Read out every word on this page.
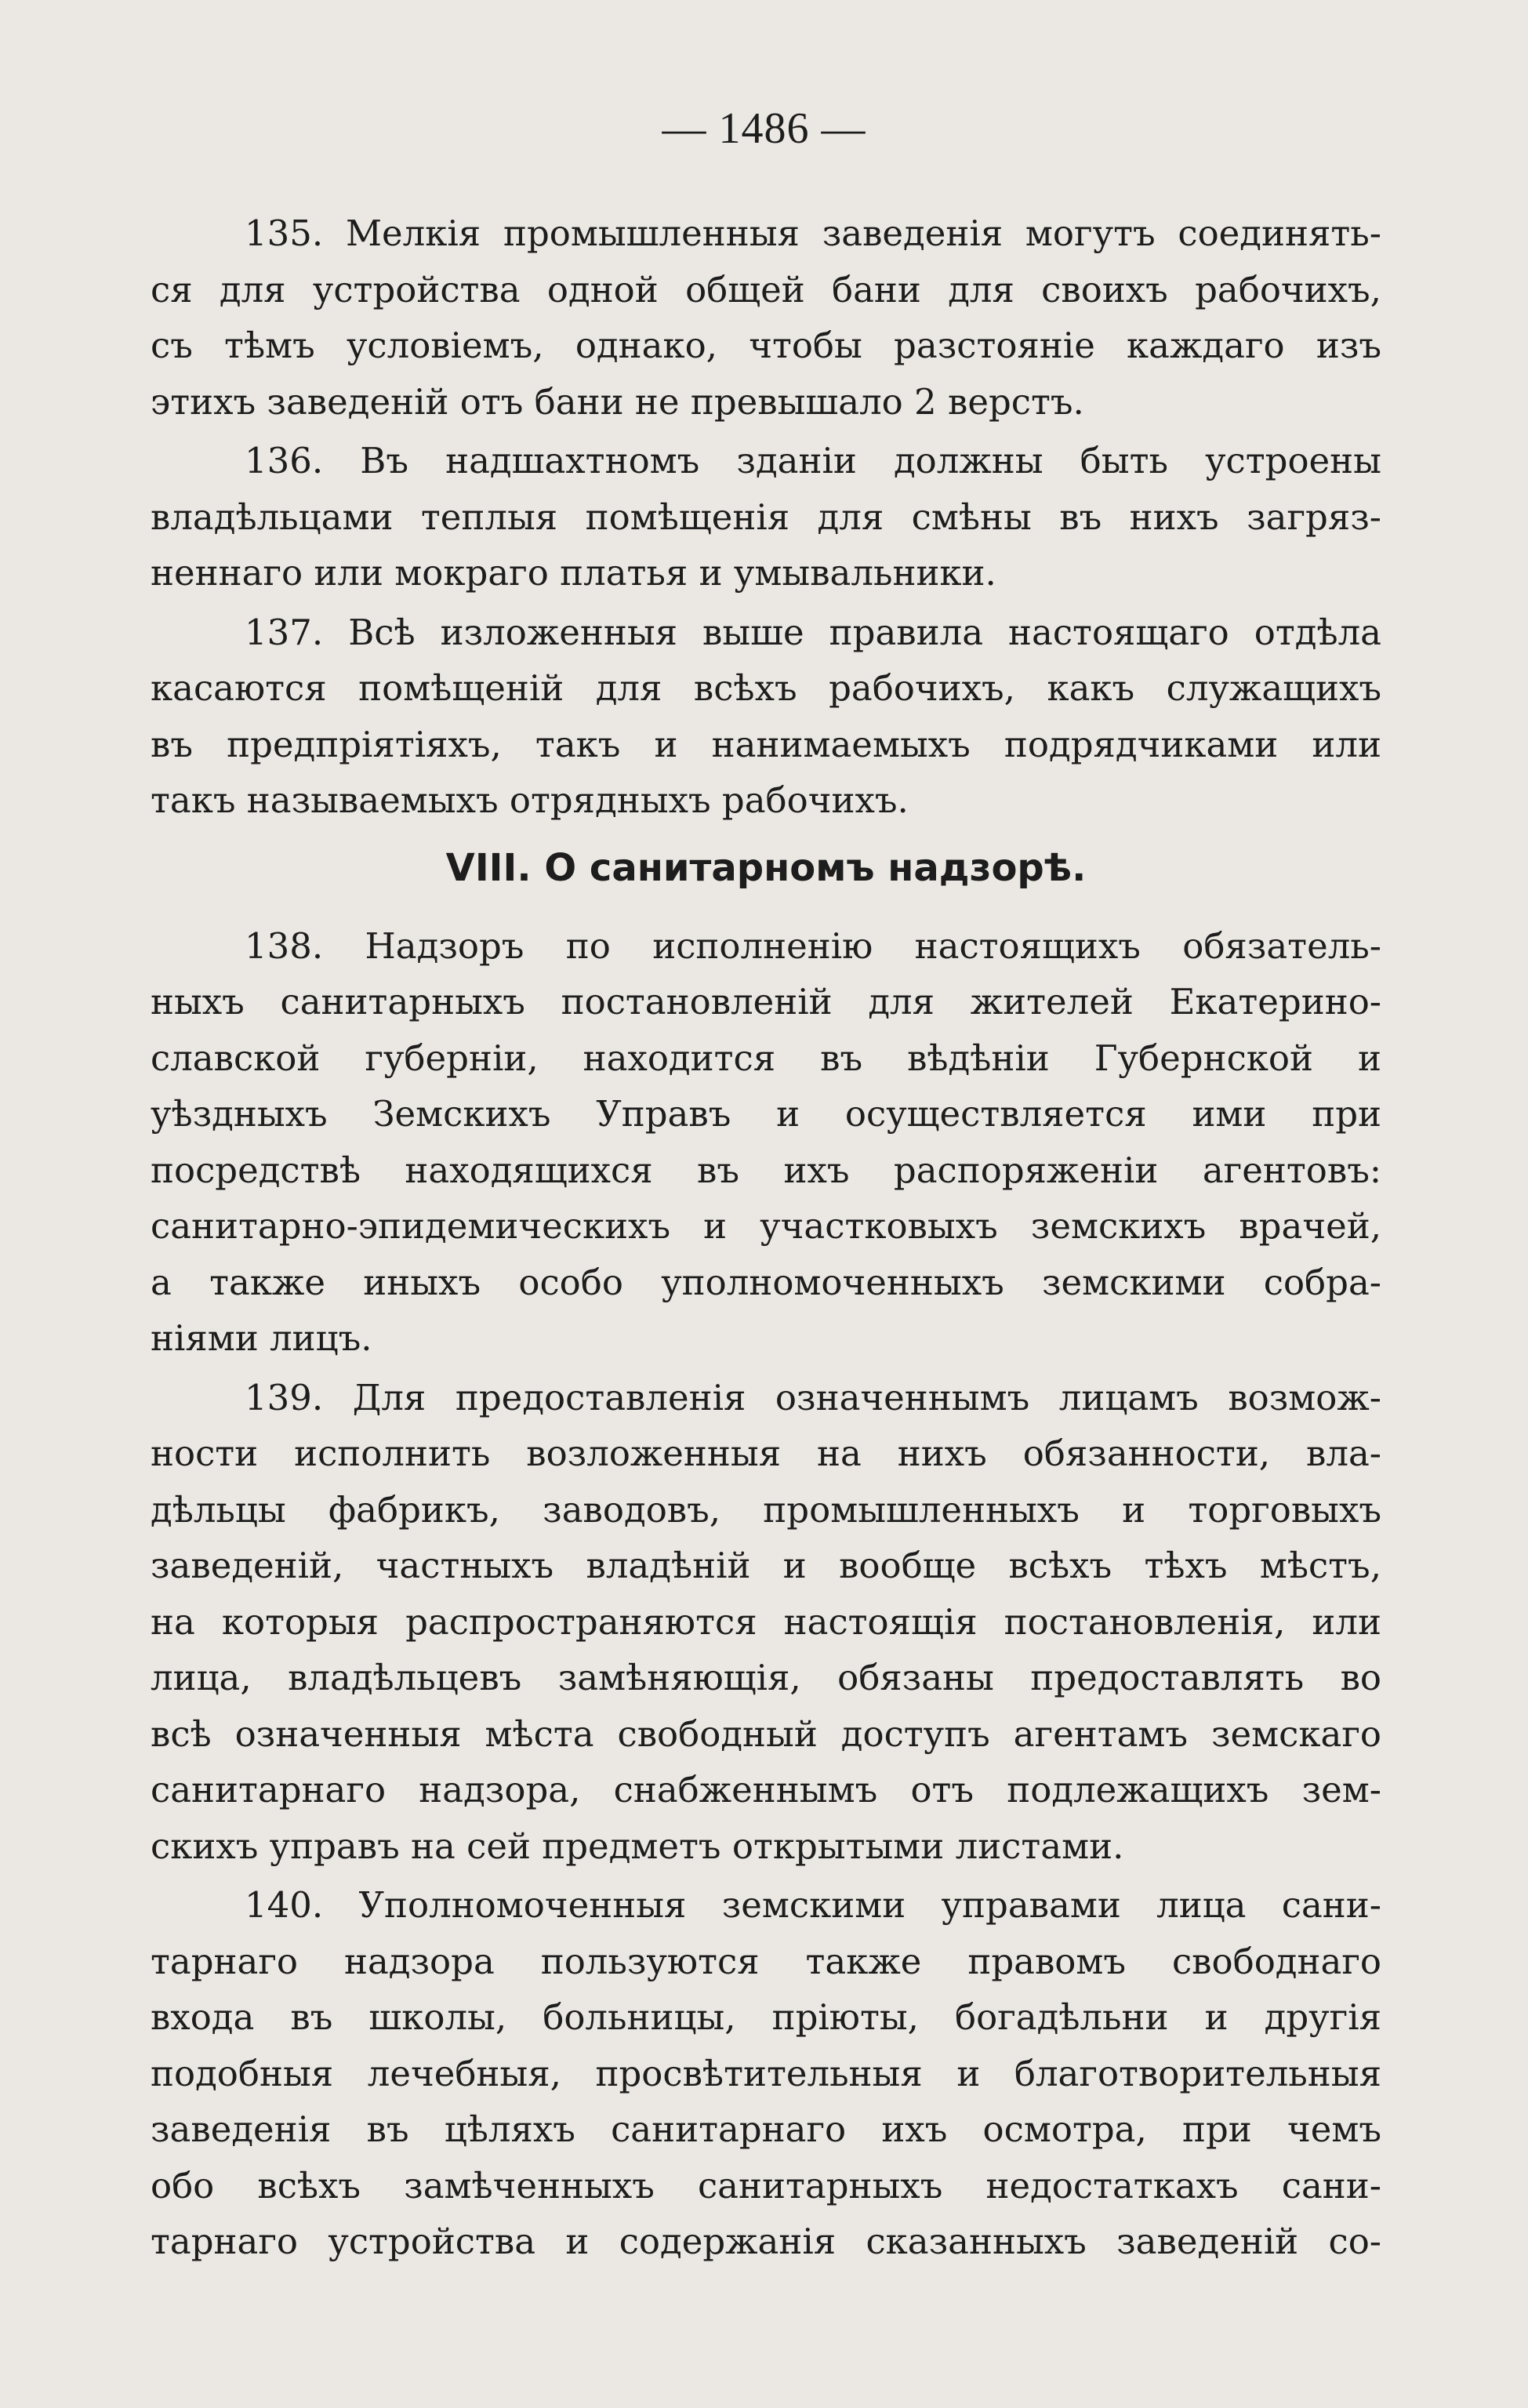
— 1486 —
135. Мелкія промышленныя заведенія могутъ соединять-
ся для устройства одной общей бани для своихъ рабочихъ,
съ тѣмъ условіемъ, однако, чтобы разстояніе каждаго изъ
этихъ заведеній отъ бани не превышало 2 верстъ.
136. Въ надшахтномъ зданіи должны быть устроены
владѣльцами теплыя помѣщенія для смѣны въ нихъ загряз-
неннаго или мокраго платья и умывальники.
137. Всѣ изложенныя выше правила настоящаго отдѣла
касаются помѣщеній для всѣхъ рабочихъ, какъ служащихъ
въ предпріятіяхъ, такъ и нанимаемыхъ подрядчиками или
такъ называемыхъ отрядныхъ рабочихъ.
VIII. О санитарномъ надзорѣ.
138. Надзоръ по исполненію настоящихъ обязатель-
ныхъ санитарныхъ постановленій для жителей Екатерино-
славской губерніи, находится въ вѣдѣніи Губернской и
уѣздныхъ Земскихъ Управъ и осуществляется ими при
посредствѣ находящихся въ ихъ распоряженіи агентовъ:
санитарно-эпидемическихъ и участковыхъ земскихъ врачей,
а также иныхъ особо уполномоченныхъ земскими собра-
ніями лицъ.
139. Для предоставленія означеннымъ лицамъ возмож-
ности исполнить возложенныя на нихъ обязанности, вла-
дѣльцы фабрикъ, заводовъ, промышленныхъ и торговыхъ
заведеній, частныхъ владѣній и вообще всѣхъ тѣхъ мѣстъ,
на которыя распространяются настоящія постановленія, или
лица, владѣльцевъ замѣняющія, обязаны предоставлять во
всѣ означенныя мѣста свободный доступъ агентамъ земскаго
санитарнаго надзора, снабженнымъ отъ подлежащихъ зем-
скихъ управъ на сей предметъ открытыми листами.
140. Уполномоченныя земскими управами лица сани-
тарнаго надзора пользуются также правомъ свободнаго
входа въ школы, больницы, пріюты, богадѣльни и другія
подобныя лечебныя, просвѣтительныя и благотворительныя
заведенія въ цѣляхъ санитарнаго ихъ осмотра, при чемъ
обо всѣхъ замѣченныхъ санитарныхъ недостаткахъ сани-
тарнаго устройства и содержанія сказанныхъ заведеній со-
